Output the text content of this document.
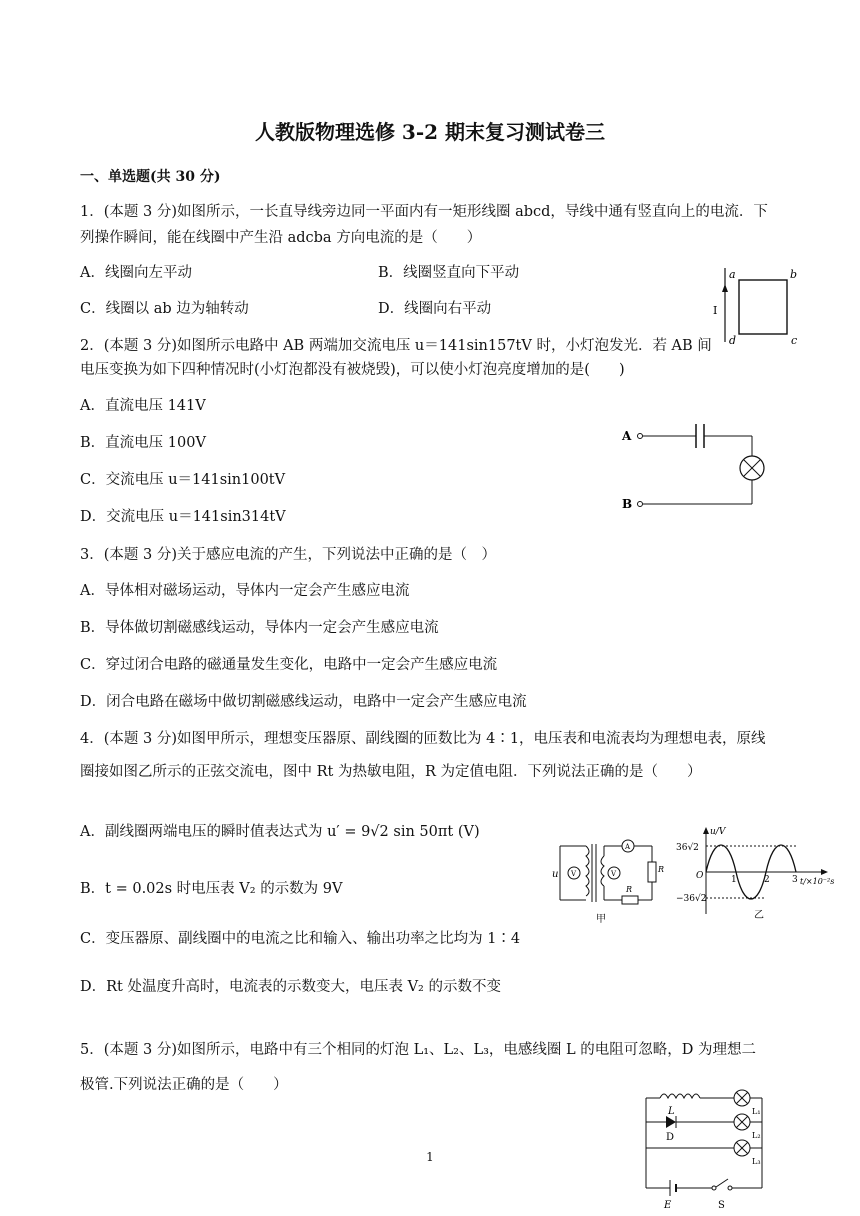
人教版物理选修 3-2 期末复习测试卷三
一、单选题(共 30 分)
1．(本题 3 分)如图所示，一长直导线旁边同一平面内有一矩形线圈 abcd，导线中通有竖直向上的电流．下
列操作瞬间，能在线圈中产生沿 adcba 方向电流的是（　　）
A．线圈向左平动	B．线圈竖直向下平动
C．线圈以 ab 边为轴转动	D．线圈向右平动	I
a	b
c
d
2．(本题 3 分)如图所示电路中 AB 两端加交流电压 u＝141sin157tV 时，小灯泡发光．若 AB 间
电压变换为如下四种情况时(小灯泡都没有被烧毁)，可以使小灯泡亮度增加的是(　　)
A．直流电压 141V
B．直流电压 100V
C．交流电压 u＝141sin100tV
D．交流电压 u＝141sin314tV
A
B
3．(本题 3 分)关于感应电流的产生，下列说法中正确的是（　）
A．导体相对磁场运动，导体内一定会产生感应电流
B．导体做切割磁感线运动，导体内一定会产生感应电流
C．穿过闭合电路的磁通量发生变化，电路中一定会产生感应电流
D．闭合电路在磁场中做切割磁感线运动，电路中一定会产生感应电流
4．(本题 3 分)如图甲所示，理想变压器原、副线圈的匝数比为 4∶1，电压表和电流表均为理想电表，原线
圈接如图乙所示的正弦交流电，图中 Rt 为热敏电阻，R 为定值电阻．下列说法正确的是（　　）
A．副线圈两端电压的瞬时值表达式为 u′ = 9√2 sin 50πt (V)
B．t = 0.02s 时电压表 V₂ 的示数为 9V
C．变压器原、副线圈中的电流之比和输入、输出功率之比均为 1∶4
D．Rt 处温度升高时，电流表的示数变大，电压表 V₂ 的示数不变
u V
A
V	R
R
甲
u/V
36√2
−36√2
O	1	2 3 t/×10⁻²s
乙
5．(本题 3 分)如图所示，电路中有三个相同的灯泡 L₁、L₂、L₃，电感线圈 L 的电阻可忽略，D 为理想二
极管.下列说法正确的是（　　）
L	L₁
D	L₂
L₃
E	S
1
